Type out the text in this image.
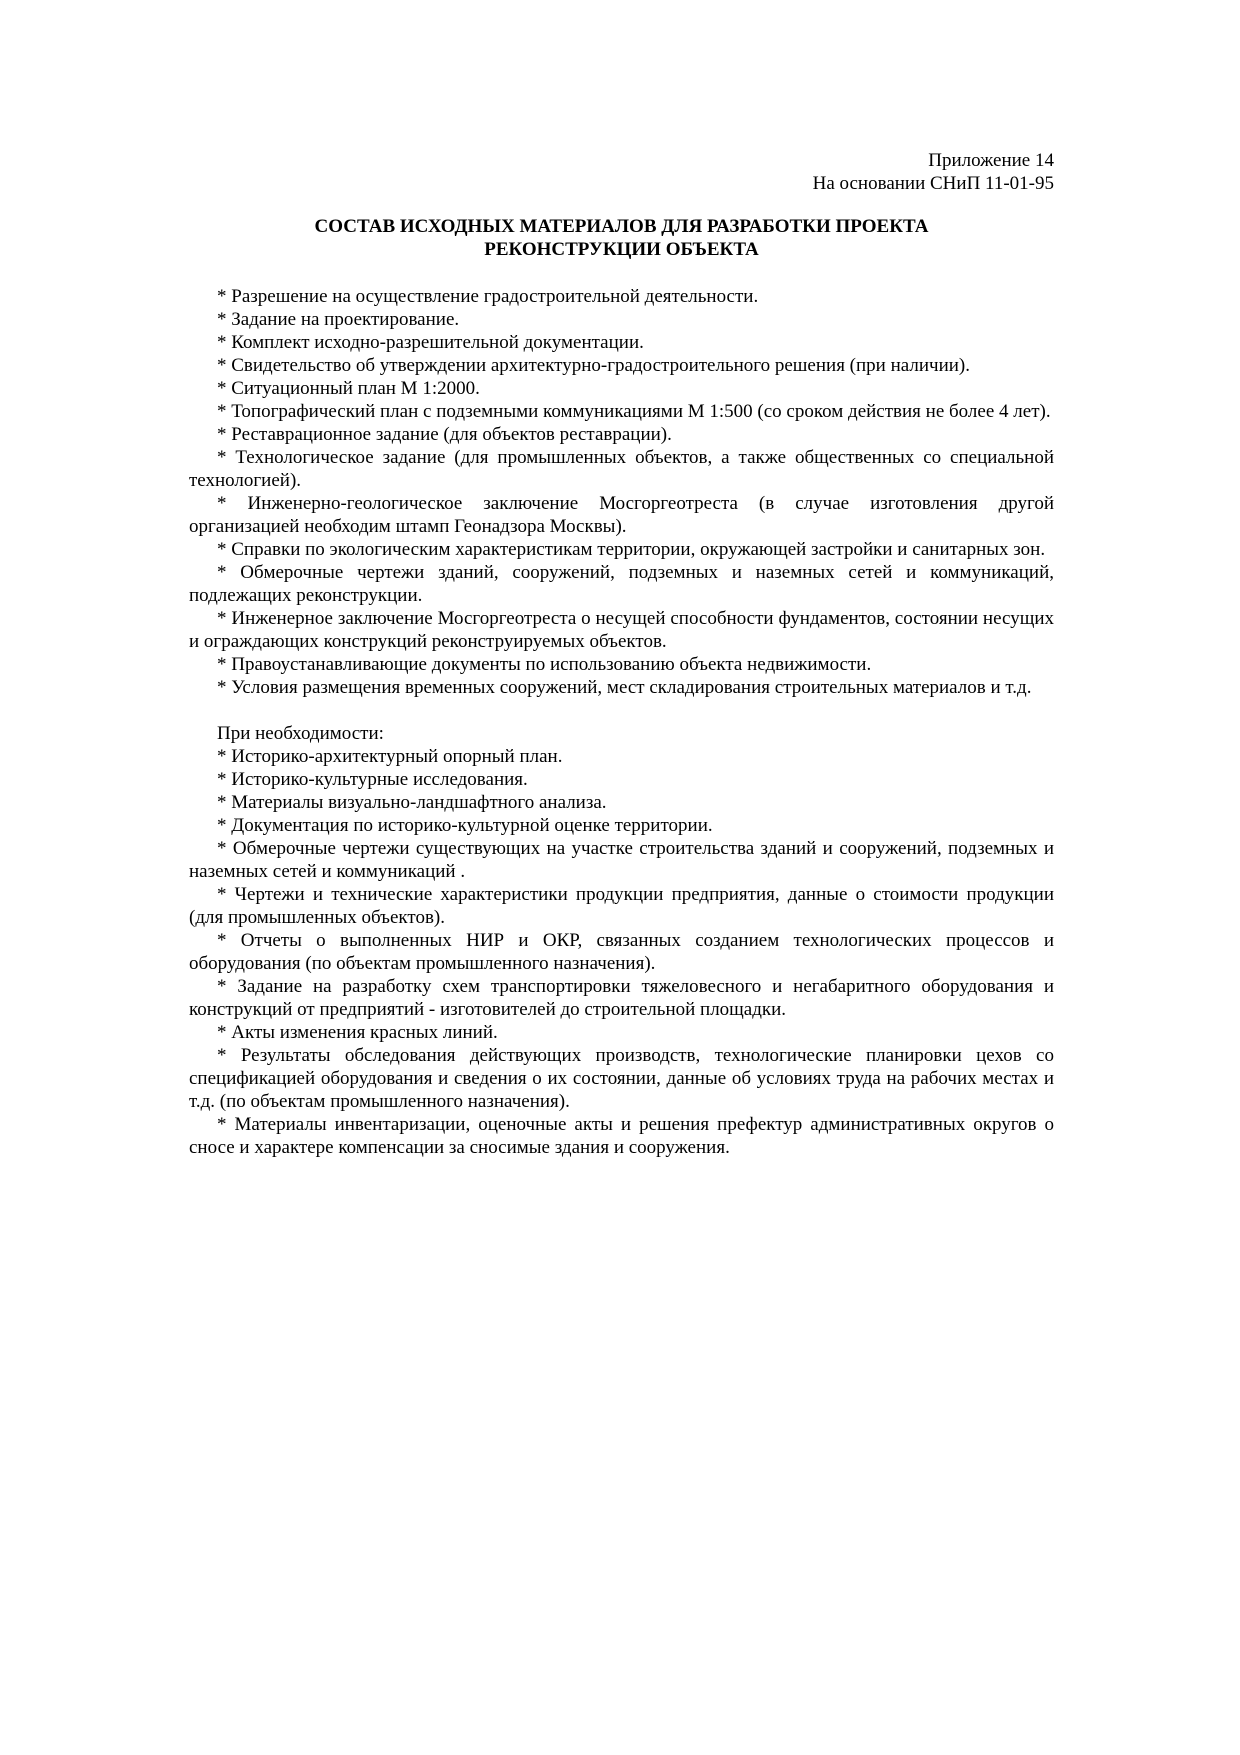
Приложение 14
На основании СНиП 11-01-95
СОСТАВ ИСХОДНЫХ МАТЕРИАЛОВ ДЛЯ РАЗРАБОТКИ ПРОЕКТА РЕКОНСТРУКЦИИ ОБЪЕКТА

* Разрешение на осуществление градостроительной деятельности.

* Задание на проектирование.

* Комплект исходно-разрешительной документации.

* Свидетельство об утверждении архитектурно-градостроительного решения (при наличии).

* Ситуационный план М 1:2000.

* Топографический план с подземными коммуникациями М 1:500 (со сроком действия не более 4 лет).

* Реставрационное задание (для объектов реставрации).

* Технологическое задание (для промышленных объектов, а также общественных со специальной технологией).

* Инженерно-геологическое заключение Мосгоргеотреста (в случае изготовления другой организацией необходим штамп Геонадзора Москвы).

* Справки по экологическим характеристикам территории, окружающей застройки и санитарных зон.

* Обмерочные чертежи зданий, сооружений, подземных и наземных сетей и коммуникаций, подлежащих реконструкции.

* Инженерное заключение Мосгоргеотреста о несущей способности фундаментов, состоянии несущих и ограждающих конструкций реконструируемых объектов.

* Правоустанавливающие документы по использованию объекта недвижимости.

* Условия размещения временных сооружений, мест складирования строительных материалов и т.д.

При необходимости:

* Историко-архитектурный опорный план.

* Историко-культурные исследования.

* Материалы визуально-ландшафтного анализа.

* Документация по историко-культурной оценке территории.

* Обмерочные чертежи существующих на участке строительства зданий и сооружений, подземных и наземных сетей и коммуникаций .

* Чертежи и технические характеристики продукции предприятия, данные о стоимости продукции (для промышленных объектов).

* Отчеты о выполненных НИР и ОКР, связанных созданием технологических процессов и оборудования (по объектам промышленного назначения).

* Задание на разработку схем транспортировки тяжеловесного и негабаритного оборудования и конструкций от предприятий - изготовителей до строительной площадки.

* Акты изменения красных линий.

* Результаты обследования действующих производств, технологические планировки цехов со спецификацией оборудования и сведения о их состоянии, данные об условиях труда на рабочих местах и т.д. (по объектам промышленного назначения).

* Материалы инвентаризации, оценочные акты и решения префектур административных округов о сносе и характере компенсации за сносимые здания и сооружения.
